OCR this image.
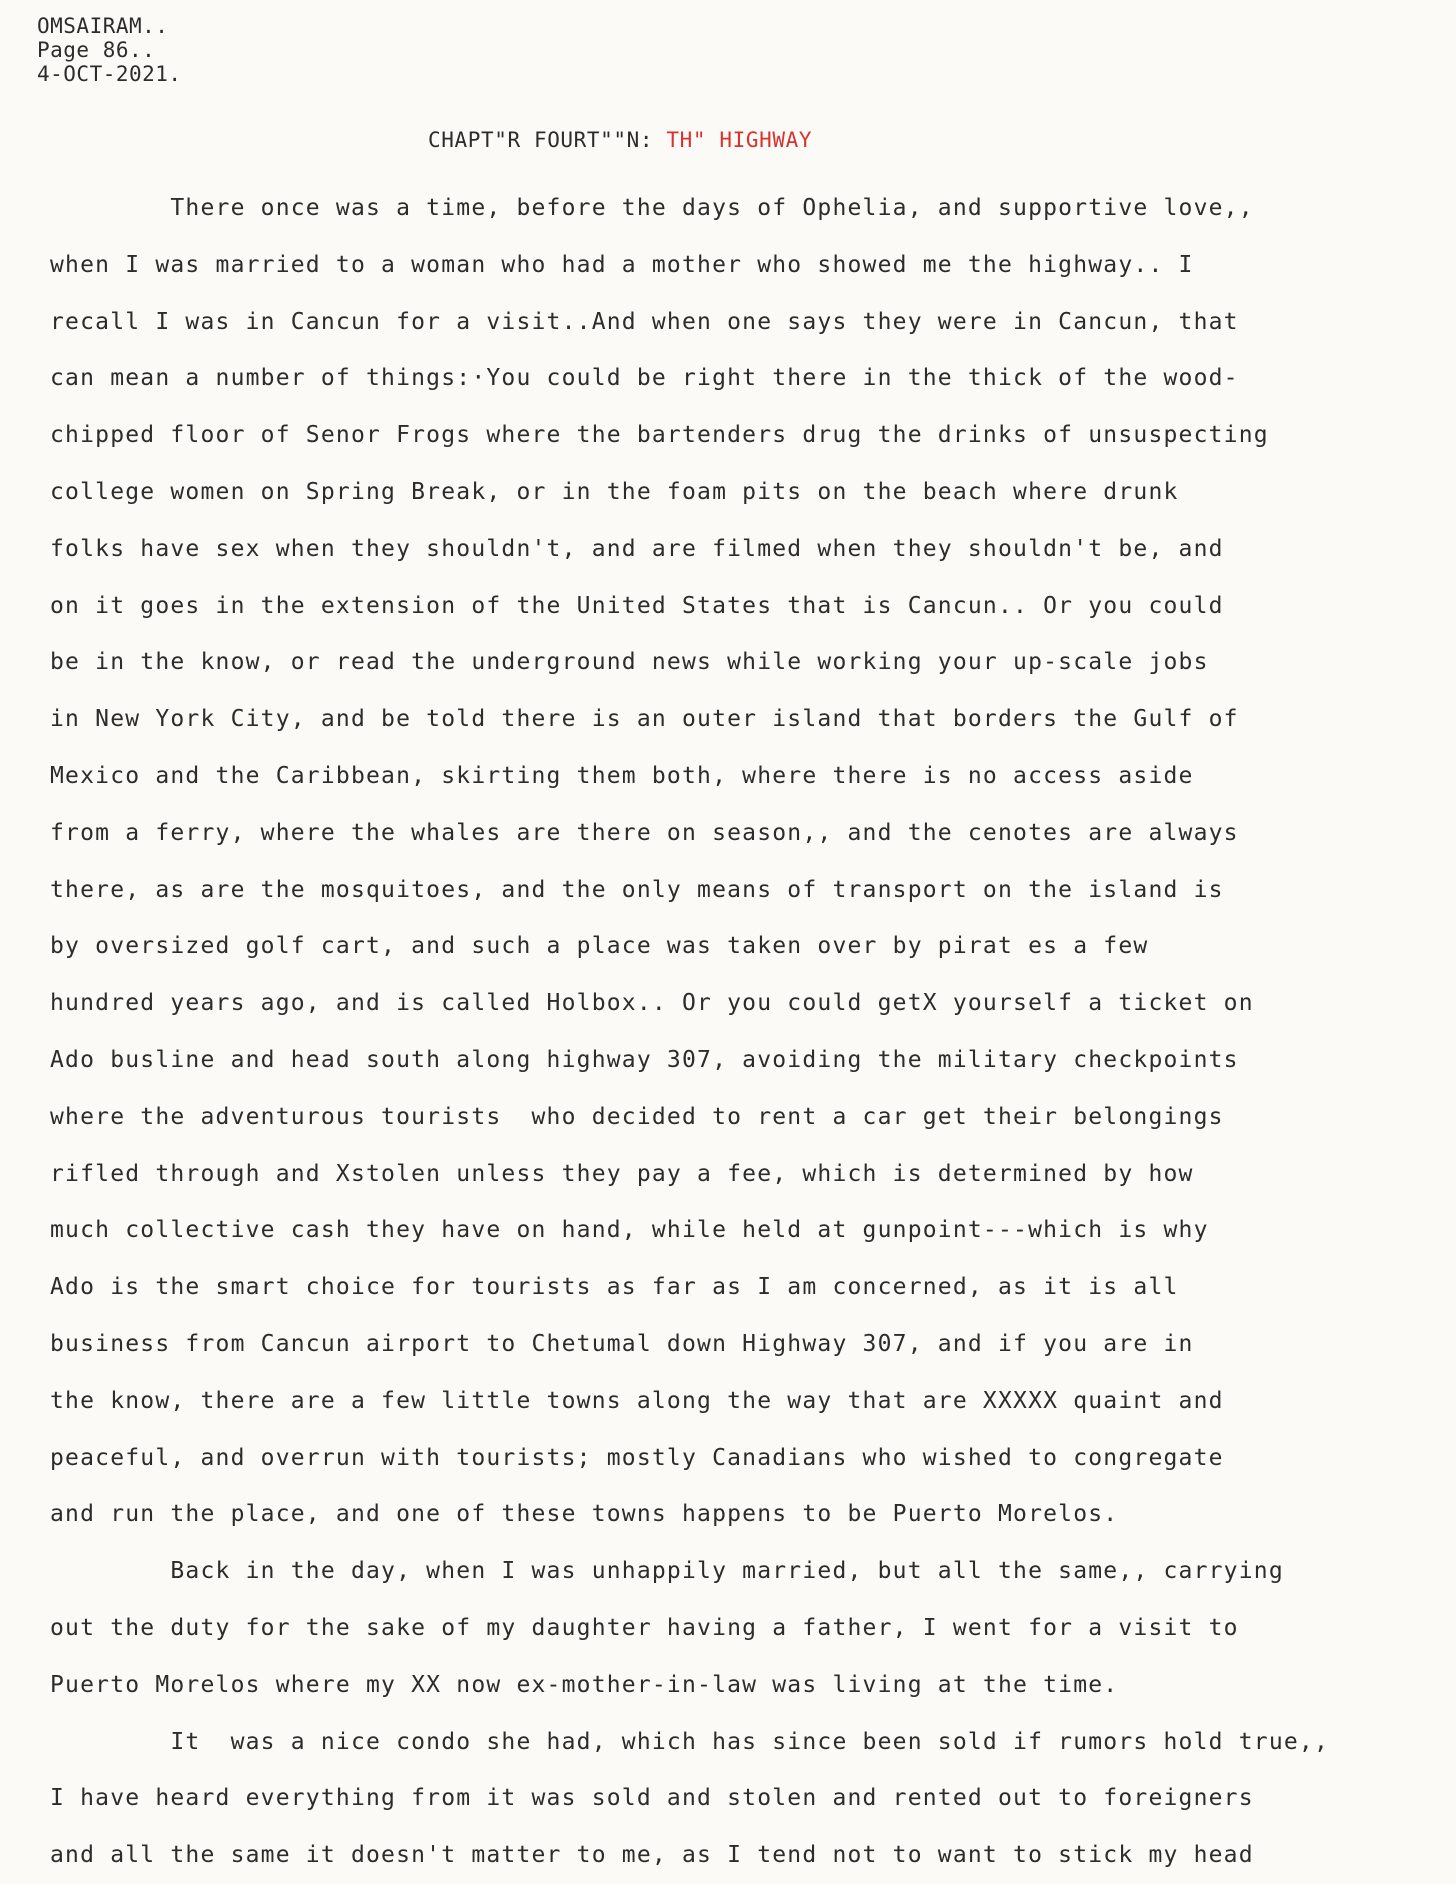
OMSAIRAM..
Page 86..
4-OCT-2021.
CHAPT"R FOURT""N: TH" HIGHWAY
There once was a time, before the days of Ophelia, and supportive love,,
when I was married to a woman who had a mother who showed me the highway.. I
recall I was in Cancun for a visit..And when one says they were in Cancun, that
can mean a number of things:·You could be right there in the thick of the wood-
chipped floor of Senor Frogs where the bartenders drug the drinks of unsuspecting
college women on Spring Break, or in the foam pits on the beach where drunk
folks have sex when they shouldn't, and are filmed when they shouldn't be, and
on it goes in the extension of the United States that is Cancun.. Or you could
be in the know, or read the underground news while working your up-scale jobs
in New York City, and be told there is an outer island that borders the Gulf of
Mexico and the Caribbean, skirting them both, where there is no access aside
from a ferry, where the whales are there on season,, and the cenotes are always
there, as are the mosquitoes, and the only means of transport on the island is
by oversized golf cart, and such a place was taken over by pirat es a few
hundred years ago, and is called Holbox.. Or you could getX yourself a ticket on
Ado busline and head south along highway 307, avoiding the military checkpoints
where the adventurous tourists  who decided to rent a car get their belongings
rifled through and Xstolen unless they pay a fee, which is determined by how
much collective cash they have on hand, while held at gunpoint---which is why
Ado is the smart choice for tourists as far as I am concerned, as it is all
business from Cancun airport to Chetumal down Highway 307, and if you are in
the know, there are a few little towns along the way that are XXXXX quaint and
peaceful, and overrun with tourists; mostly Canadians who wished to congregate
and run the place, and one of these towns happens to be Puerto Morelos.
Back in the day, when I was unhappily married, but all the same,, carrying
out the duty for the sake of my daughter having a father, I went for a visit to
Puerto Morelos where my XX now ex-mother-in-law was living at the time.
It  was a nice condo she had, which has since been sold if rumors hold true,,
I have heard everything from it was sold and stolen and rented out to foreigners
and all the same it doesn't matter to me, as I tend not to want to stick my head
